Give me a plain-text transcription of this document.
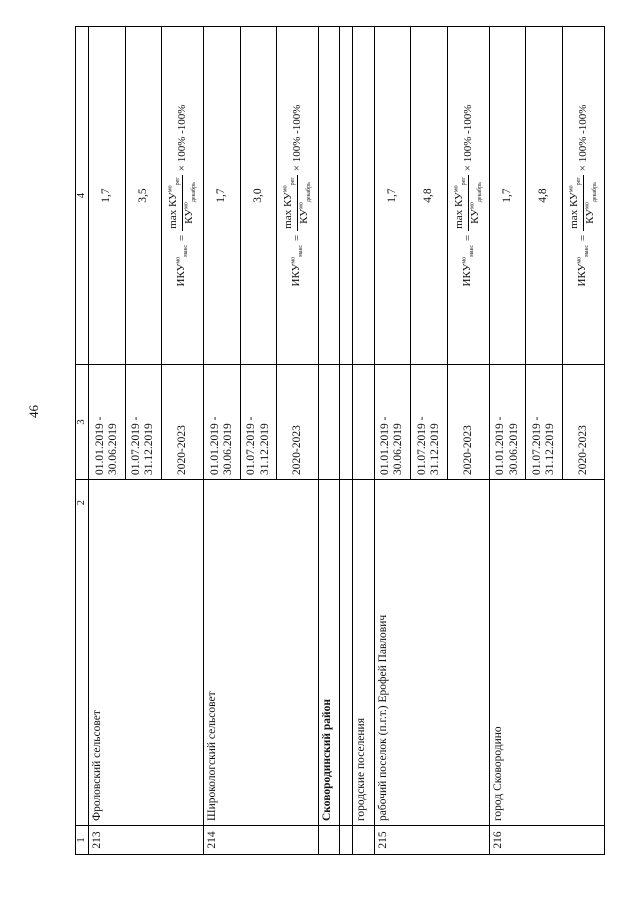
46
1	2	3	4
213	Фроловский сельсовет	01.01.2019 - 30.06.2019	1,7
		01.07.2019 - 31.12.2019	3,5
		2020-2023	$ИКУ^{мо}_{макс}$
=
$\max КУ^{мо}_{рег}$
$КУ^{мо}_{декабрь}$
× 100% -100%

214	Широкологский сельсовет	01.01.2019 - 30.06.2019	1,7
		01.07.2019 - 31.12.2019	3,0
		2020-2023	$ИКУ^{мо}_{макс}$
=
$\max КУ^{мо}_{рег}$
$КУ^{мо}_{декабрь}$
× 100% -100%

	Сковородинский район		

	городские поселения		
215	рабочий поселок (п.г.т.) Ерофей Павлович	01.01.2019 - 30.06.2019	1,7
		01.07.2019 - 31.12.2019	4,8
		2020-2023	$ИКУ^{мо}_{макс}$
=
$\max КУ^{мо}_{рег}$
$КУ^{мо}_{декабрь}$
× 100% -100%

216	город Сковородино	01.01.2019 - 30.06.2019	1,7
		01.07.2019 - 31.12.2019	4,8
		2020-2023	$ИКУ^{мо}_{макс}$
=
$\max КУ^{мо}_{рег}$
$КУ^{мо}_{декабрь}$
× 100% -100%
